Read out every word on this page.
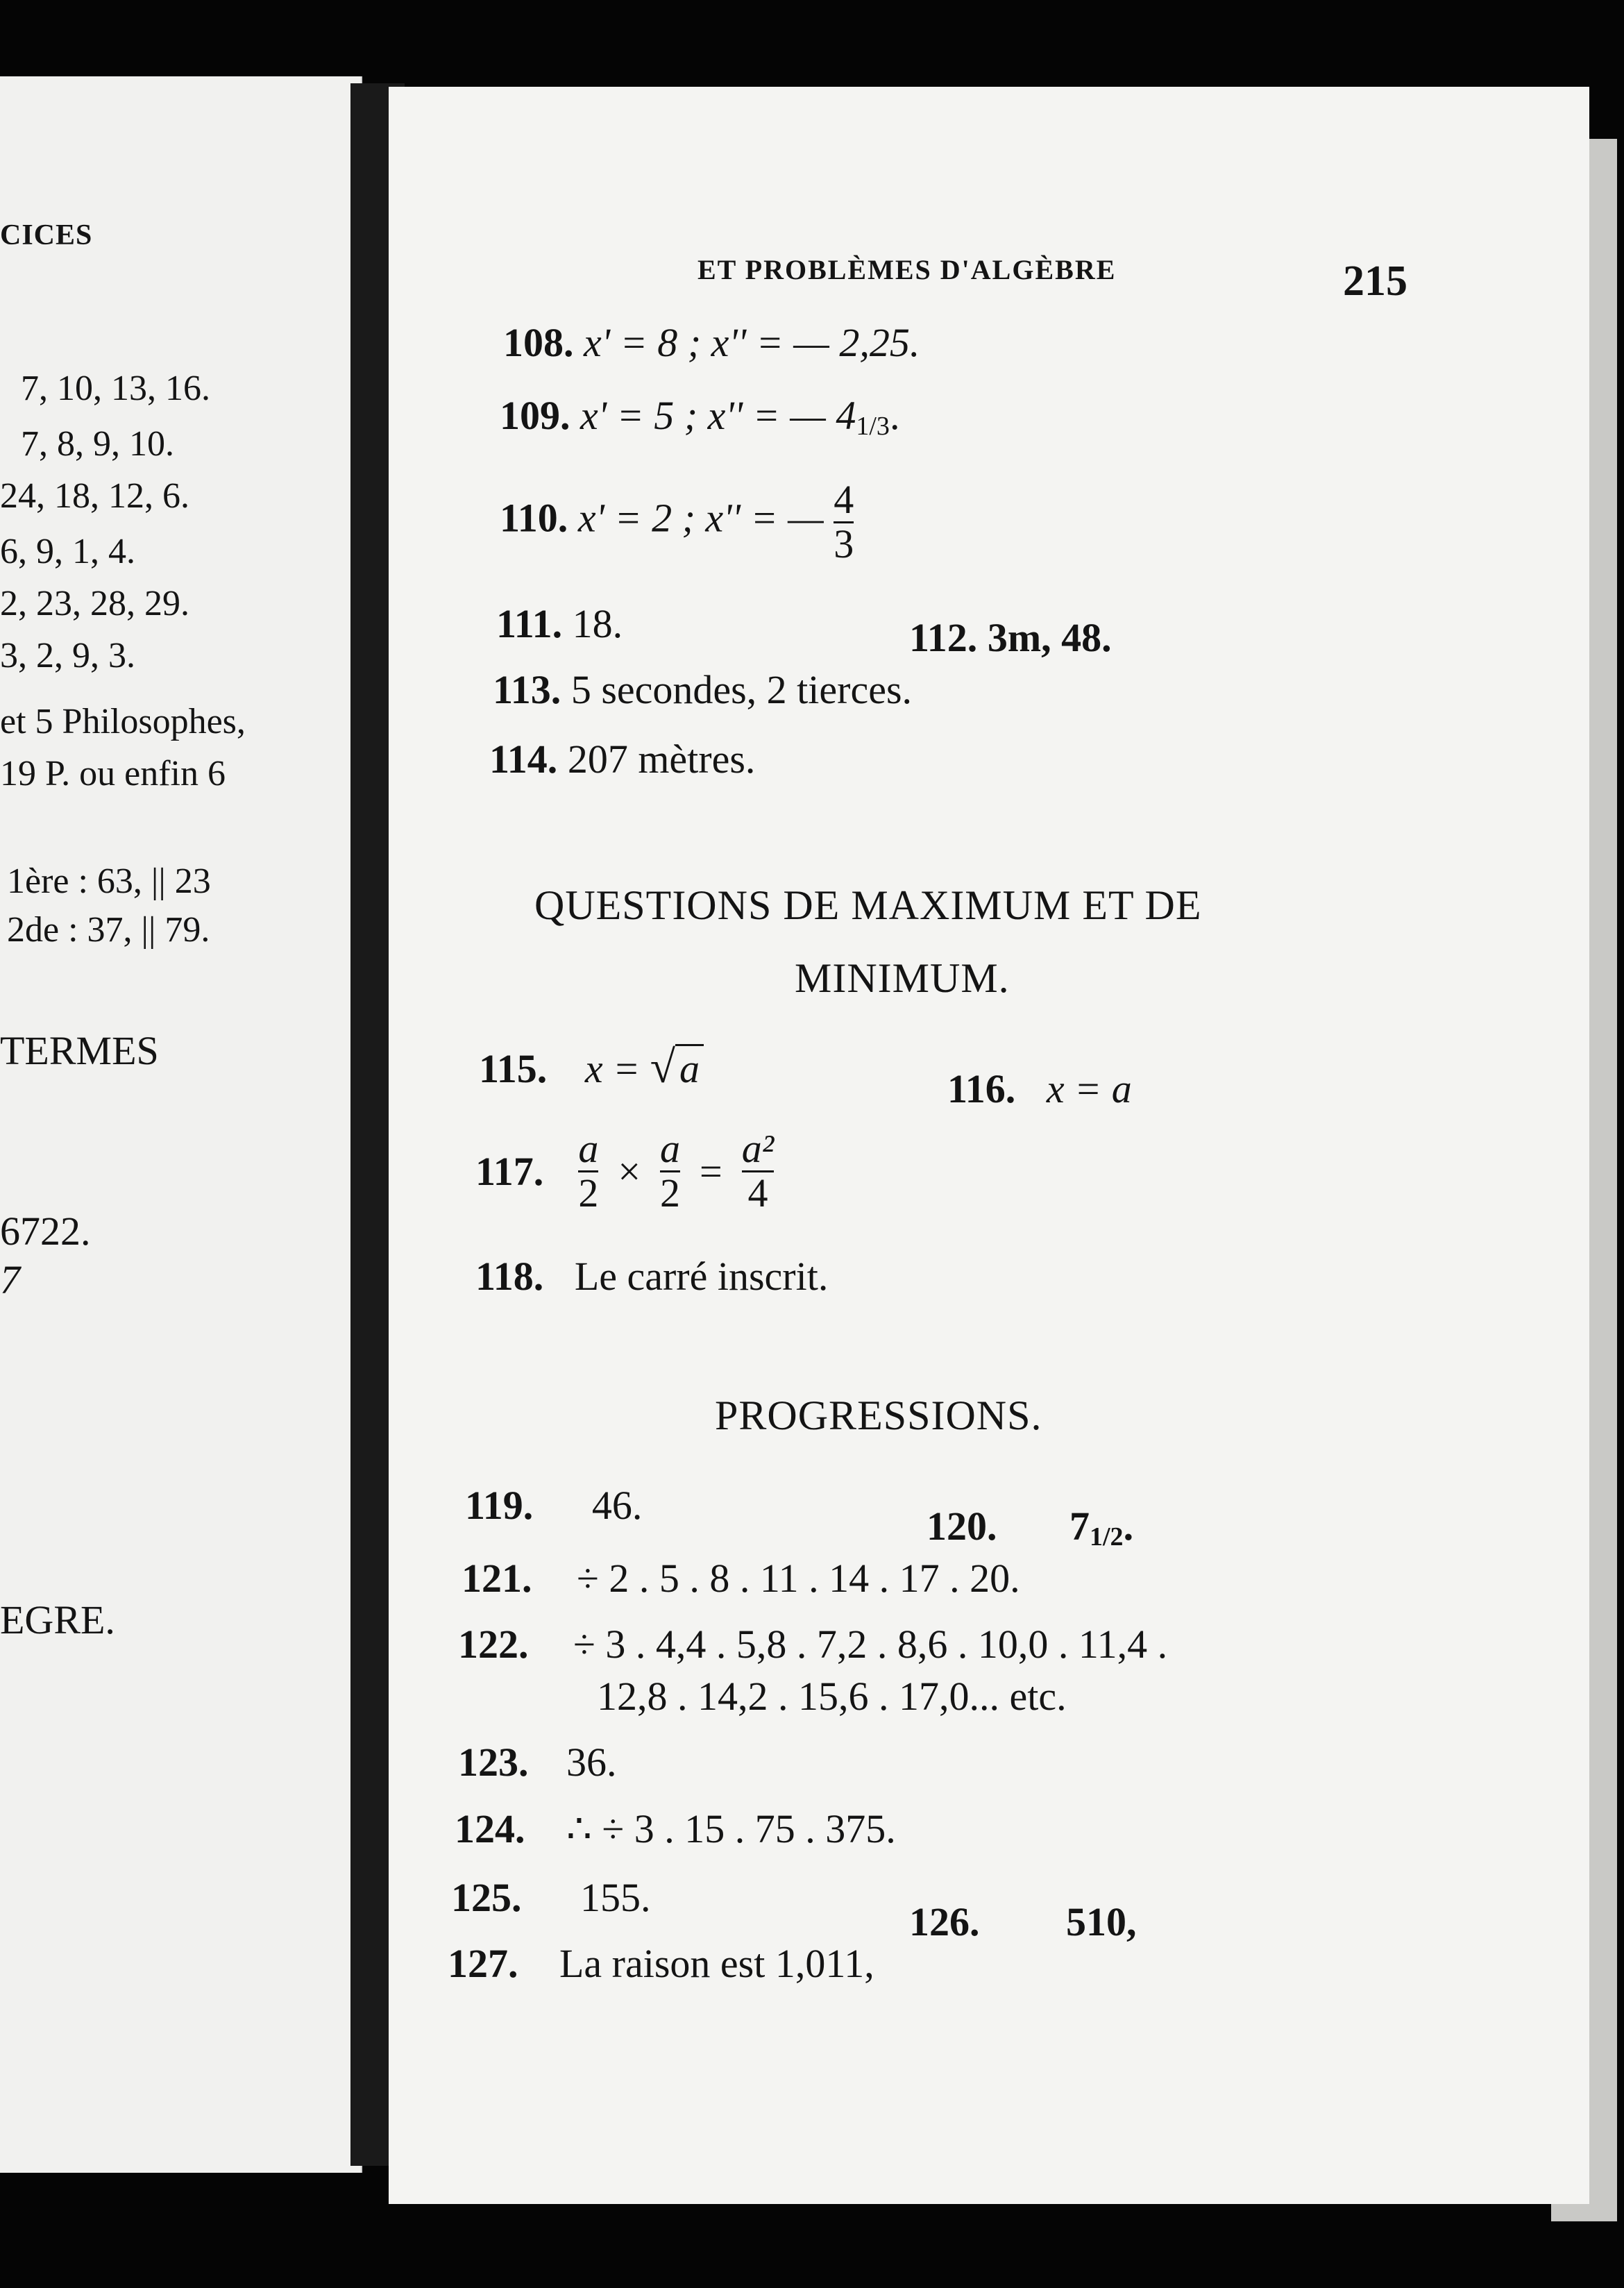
CICES
7, 10, 13, 16.
7, 8, 9, 10.
24, 18, 12, 6.
6, 9, 1, 4.
2, 23, 28, 29.
3, 2, 9, 3.
et 5 Philosophes,
19 P. ou enfin 6
1ère : 63, || 23
2de : 37, || 79.
TERMES
6722.
7
EGRE.
ET PROBLÈMES D'ALGÈBRE	215
108. x' = 8 ; x'' = — 2,25.
109. x' = 5 ; x'' = — 41/3.
110. x' = 2 ; x'' = — $\frac{4}{3}$
111. 18.	112. 3m, 48.
113. 5 secondes, 2 tierces.
114. 207 mètres.
QUESTIONS DE MAXIMUM ET DE
MINIMUM.
115. x = √ a	116. x = a
117. $\frac{a}{2} \times \frac{a}{2} = \frac{\text{a²}}{4}$
118. Le carré inscrit.
PROGRESSIONS.
119. 46.	120. 71/2.
121. ÷ 2 . 5 . 8 . 11 . 14 . 17 . 20.
122. ÷ 3 . 4,4 . 5,8 . 7,2 . 8,6 . 10,0 . 11,4 .
12,8 . 14,2 . 15,6 . 17,0... etc.
123. 36.
124. ∴ ÷ 3 . 15 . 75 . 375.
125. 155.
126. 510,
127. La raison est 1,011,
